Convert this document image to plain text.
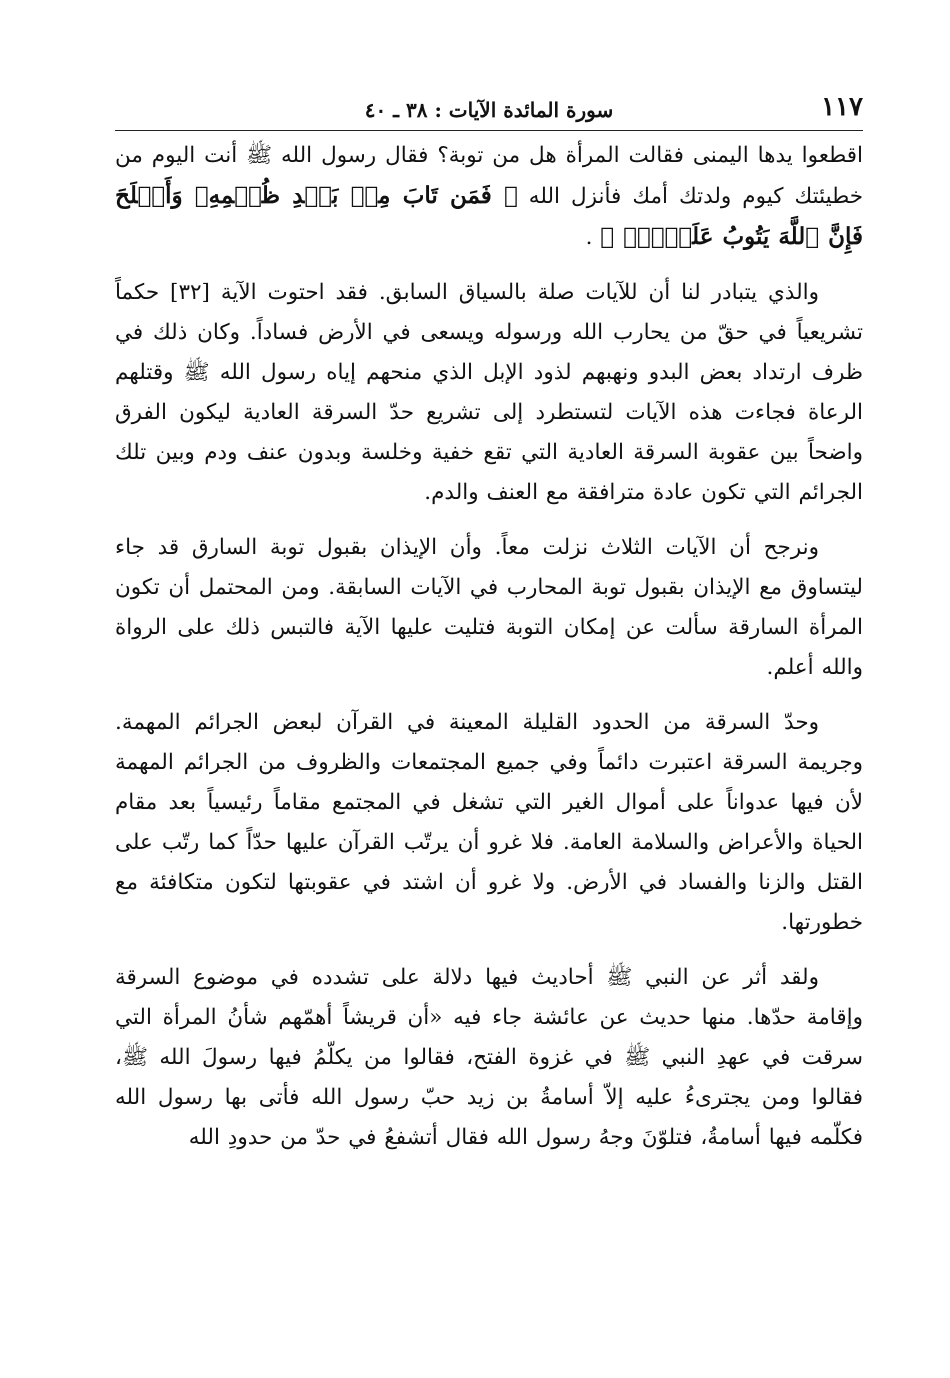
١١٧
سورة المائدة الآيات : ٣٨ ـ ٤٠

اقطعوا يدها اليمنى فقالت المرأة هل من توبة؟ فقال رسول الله ﷺ أنت اليوم من خطيئتك كيوم ولدتك أمك فأنزل الله ﴿ فَمَن تَابَ مِنۢ بَعۡدِ ظُلۡمِهِۦ وَأَصۡلَحَ فَإِنَّ ٱللَّهَ يَتُوبُ عَلَيۡهِۚ ﴾ .

والذي يتبادر لنا أن للآيات صلة بالسياق السابق. فقد احتوت الآية [٣٢] حكماً تشريعياً في حقّ من يحارب الله ورسوله ويسعى في الأرض فساداً. وكان ذلك في ظرف ارتداد بعض البدو ونهبهم لذود الإبل الذي منحهم إياه رسول الله ﷺ وقتلهم الرعاة فجاءت هذه الآيات لتستطرد إلى تشريع حدّ السرقة العادية ليكون الفرق واضحاً بين عقوبة السرقة العادية التي تقع خفية وخلسة وبدون عنف ودم وبين تلك الجرائم التي تكون عادة مترافقة مع العنف والدم.

ونرجح أن الآيات الثلاث نزلت معاً. وأن الإيذان بقبول توبة السارق قد جاء ليتساوق مع الإيذان بقبول توبة المحارب في الآيات السابقة. ومن المحتمل أن تكون المرأة السارقة سألت عن إمكان التوبة فتليت عليها الآية فالتبس ذلك على الرواة والله أعلم.

وحدّ السرقة من الحدود القليلة المعينة في القرآن لبعض الجرائم المهمة. وجريمة السرقة اعتبرت دائماً وفي جميع المجتمعات والظروف من الجرائم المهمة لأن فيها عدواناً على أموال الغير التي تشغل في المجتمع مقاماً رئيسياً بعد مقام الحياة والأعراض والسلامة العامة. فلا غرو أن يرتّب القرآن عليها حدّاً كما رتّب على القتل والزنا والفساد في الأرض. ولا غرو أن اشتد في عقوبتها لتكون متكافئة مع خطورتها.

ولقد أثر عن النبي ﷺ أحاديث فيها دلالة على تشدده في موضوع السرقة وإقامة حدّها. منها حديث عن عائشة جاء فيه «أن قريشاً أهمّهم شأنُ المرأة التي سرقت في عهدِ النبي ﷺ في غزوة الفتح، فقالوا من يكلّمُ فيها رسولَ الله ﷺ، فقالوا ومن يجترىءُ عليه إلاّ أسامةُ بن زيد حبّ رسول الله فأتى بها رسول الله فكلّمه فيها أسامةُ، فتلوّنَ وجهُ رسول الله فقال أتشفعُ في حدّ من حدودِ الله
